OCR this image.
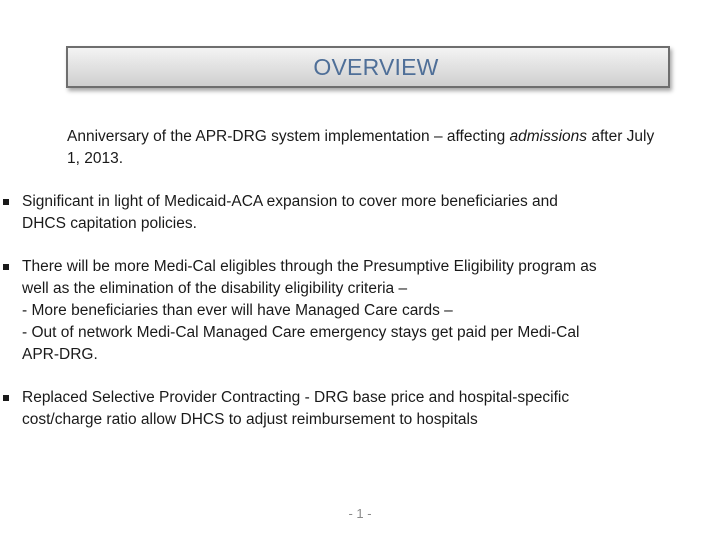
OVERVIEW
Anniversary of the APR-DRG system implementation – affecting admissions after July 1, 2013.
Significant in light of Medicaid-ACA expansion to cover more beneficiaries and DHCS capitation policies.
There will be more Medi-Cal eligibles through the Presumptive Eligibility program as well as the elimination of the disability eligibility criteria –
- More beneficiaries than ever will have Managed Care cards –
- Out of network Medi-Cal Managed Care emergency stays get paid per Medi-Cal APR-DRG.
Replaced Selective Provider Contracting - DRG base price and hospital-specific cost/charge ratio allow DHCS to adjust reimbursement to hospitals
- 1 -
